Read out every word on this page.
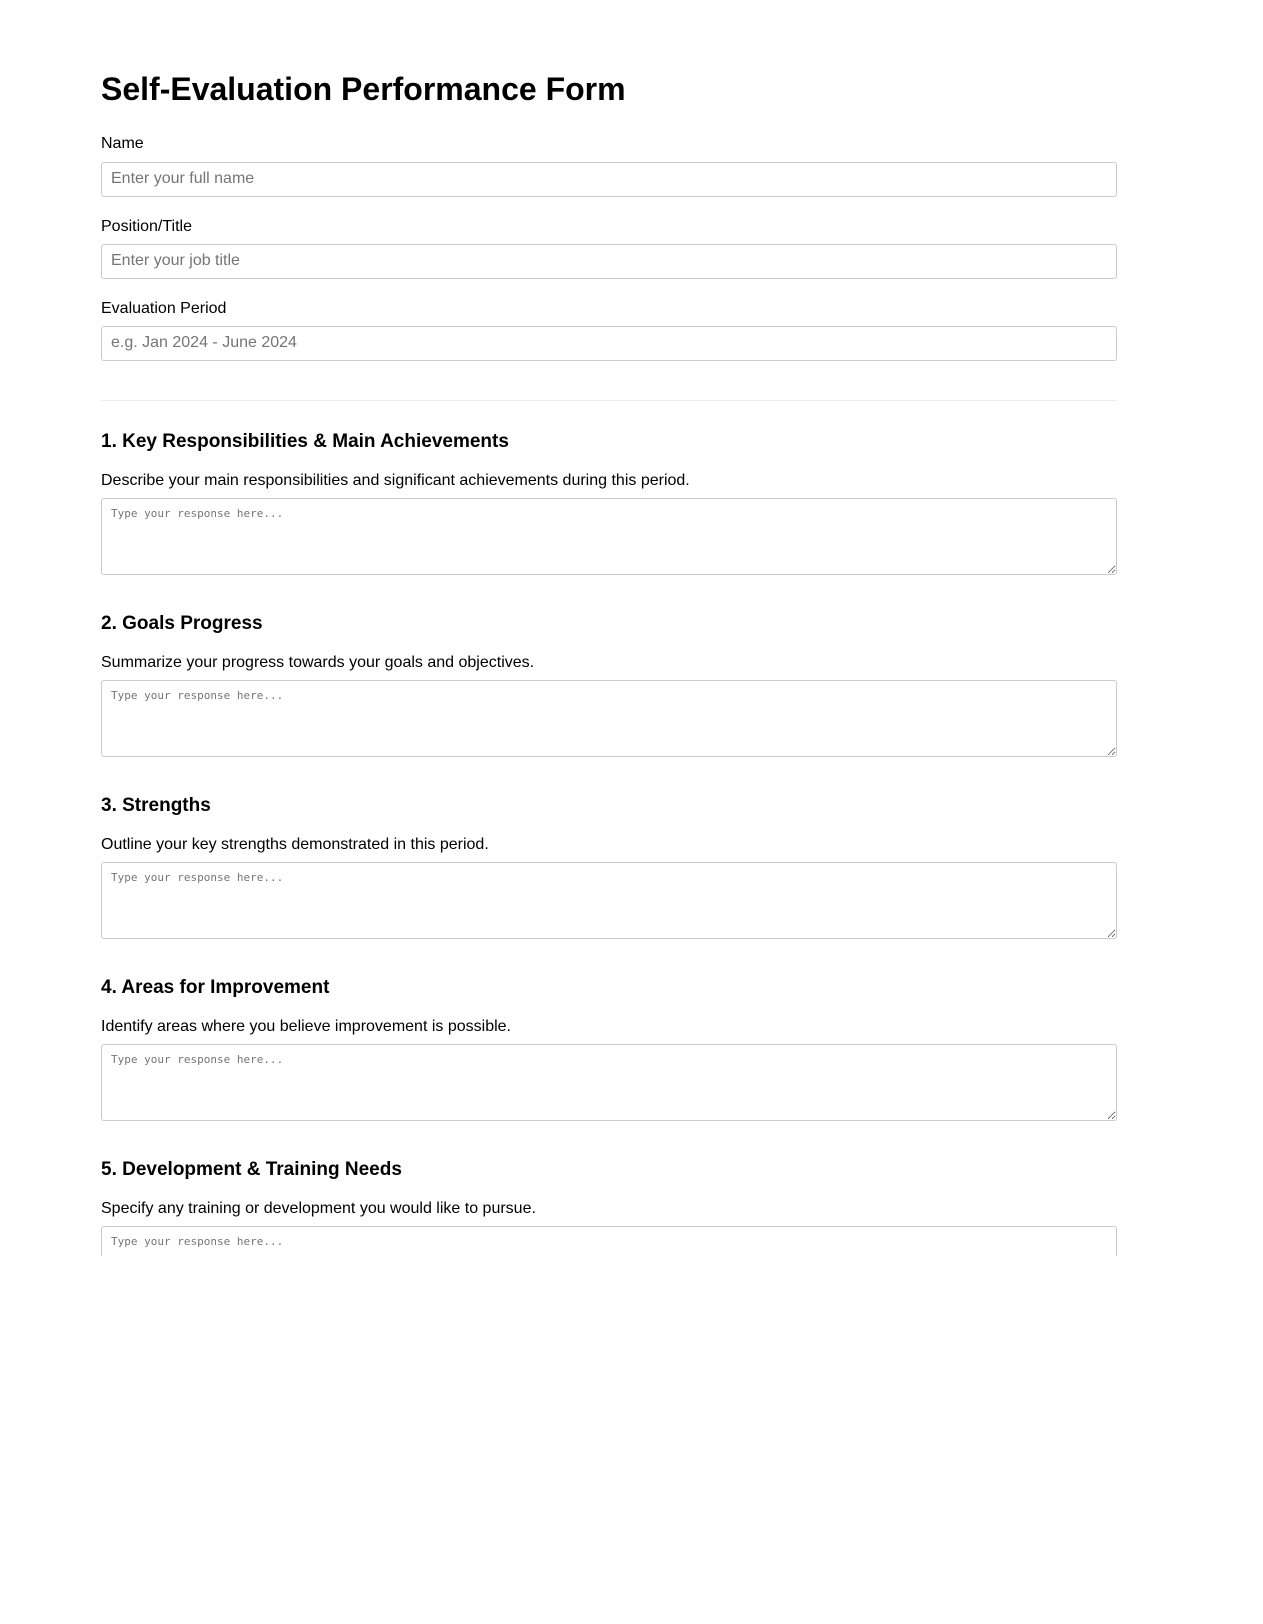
Self-Evaluation Performance Form
Name
Enter your full name
Position/Title
Enter your job title
Evaluation Period
e.g. Jan 2024 - June 2024
1. Key Responsibilities & Main Achievements

Describe your main responsibilities and significant achievements during this period.

Type your response here...
2. Goals Progress

Summarize your progress towards your goals and objectives.

Type your response here...
3. Strengths

Outline your key strengths demonstrated in this period.

Type your response here...
4. Areas for Improvement

Identify areas where you believe improvement is possible.

Type your response here...
5. Development & Training Needs

Specify any training or development you would like to pursue.

Type your response here...
